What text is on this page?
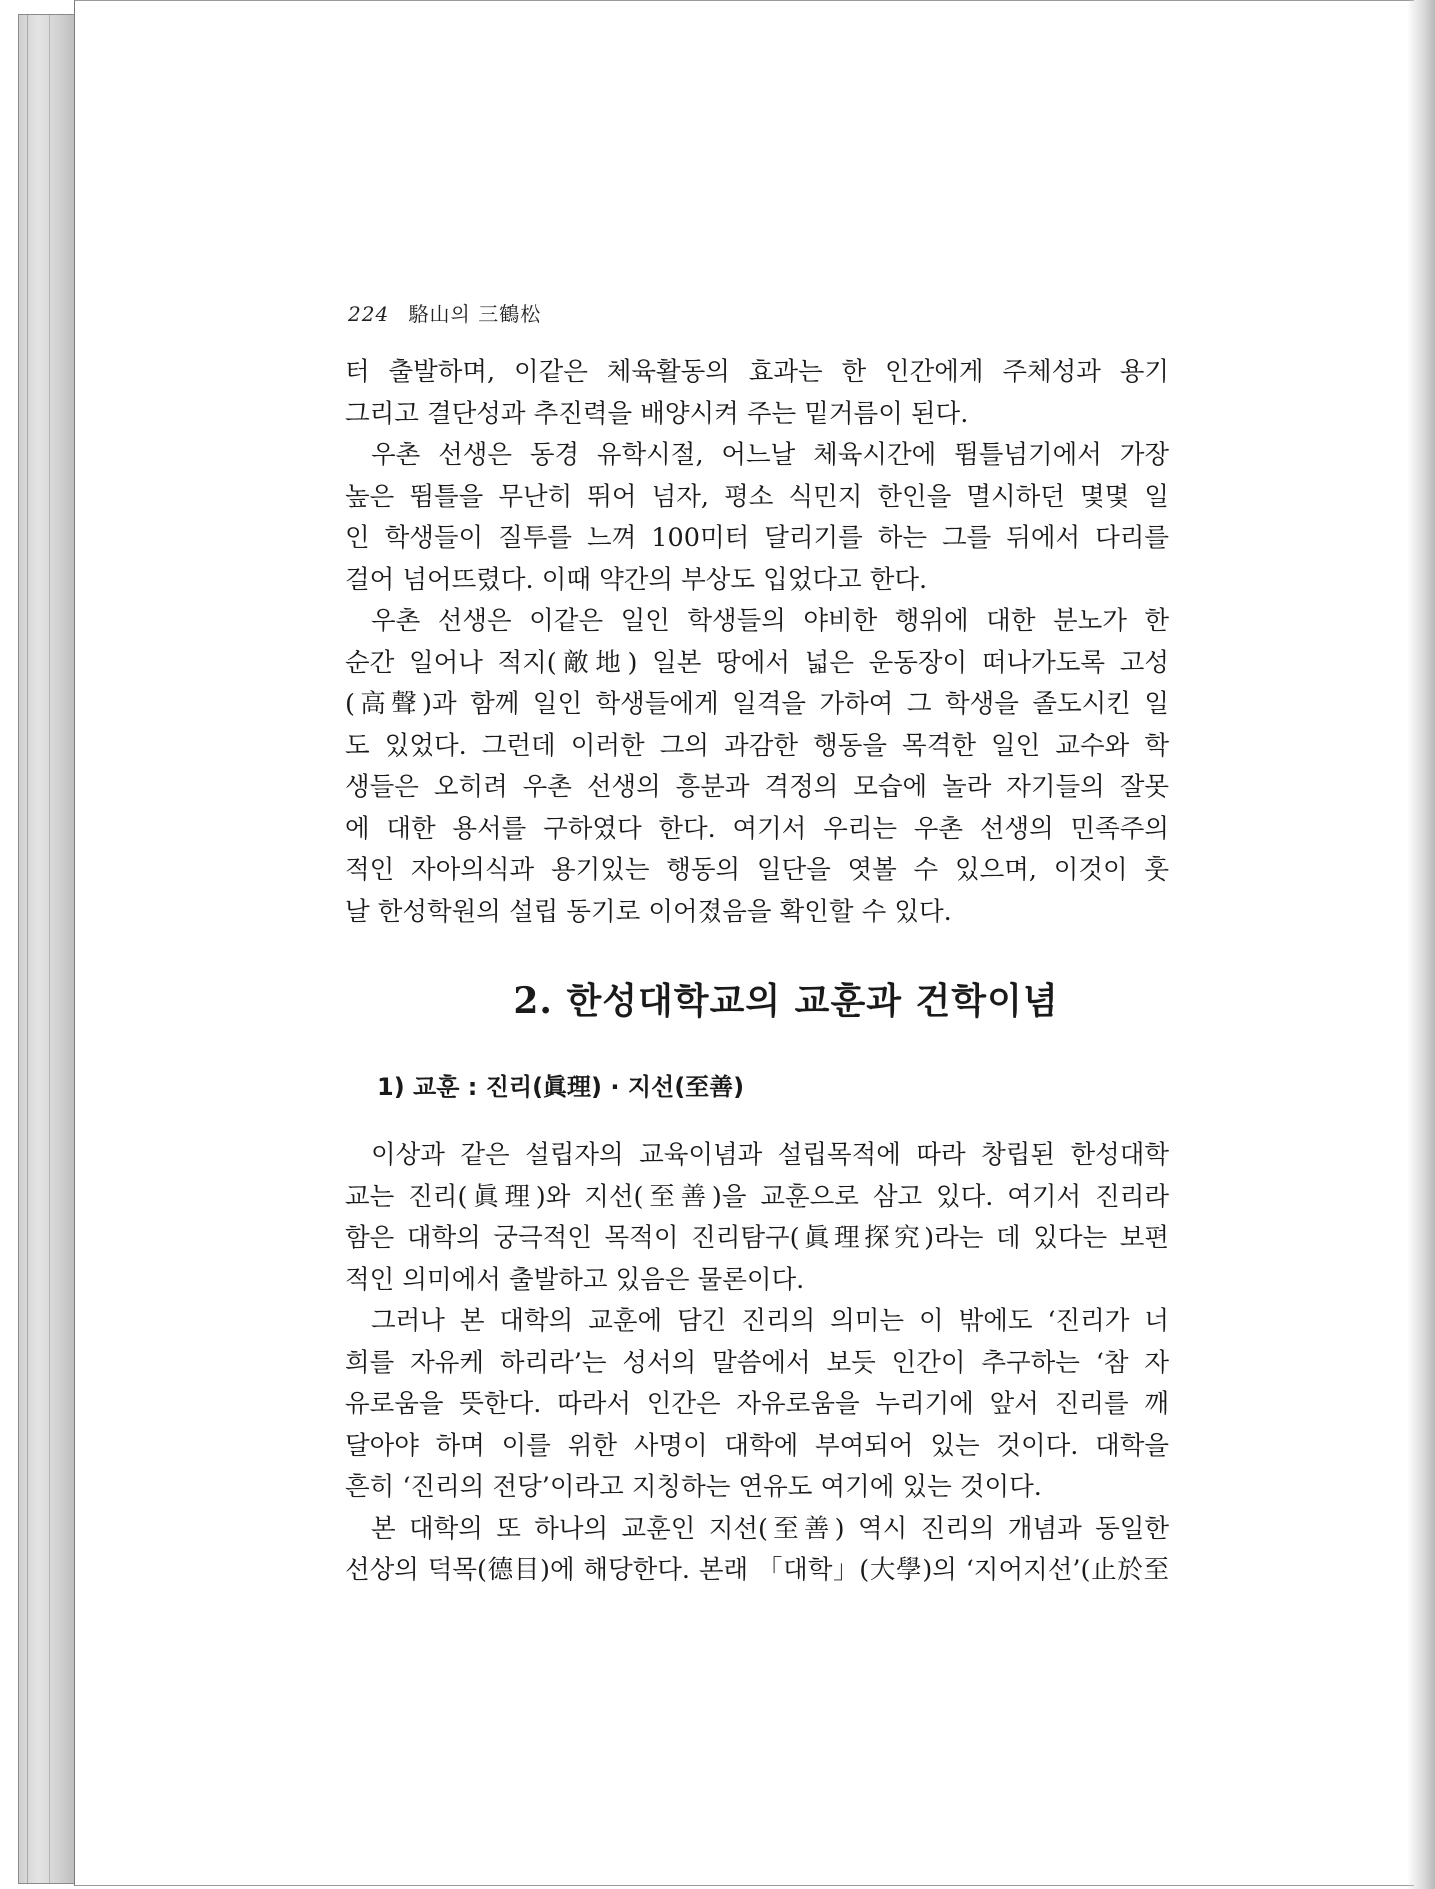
224 駱山의 三鶴松

터 출발하며, 이같은 체육활동의 효과는 한 인간에게 주체성과 용기
그리고 결단성과 추진력을 배양시켜 주는 밑거름이 된다.

우촌 선생은 동경 유학시절, 어느날 체육시간에 뜀틀넘기에서 가장
높은 뜀틀을 무난히 뛰어 넘자, 평소 식민지 한인을 멸시하던 몇몇 일
인 학생들이 질투를 느껴 100미터 달리기를 하는 그를 뒤에서 다리를
걸어 넘어뜨렸다. 이때 약간의 부상도 입었다고 한다.

우촌 선생은 이같은 일인 학생들의 야비한 행위에 대한 분노가 한
순간 일어나 적지(敵地) 일본 땅에서 넓은 운동장이 떠나가도록 고성
(高聲)과 함께 일인 학생들에게 일격을 가하여 그 학생을 졸도시킨 일
도 있었다. 그런데 이러한 그의 과감한 행동을 목격한 일인 교수와 학
생들은 오히려 우촌 선생의 흥분과 격정의 모습에 놀라 자기들의 잘못
에 대한 용서를 구하였다 한다. 여기서 우리는 우촌 선생의 민족주의
적인 자아의식과 용기있는 행동의 일단을 엿볼 수 있으며, 이것이 훗
날 한성학원의 설립 동기로 이어졌음을 확인할 수 있다.

2. 한성대학교의 교훈과 건학이념
1) 교훈 : 진리(眞理) · 지선(至善)

이상과 같은 설립자의 교육이념과 설립목적에 따라 창립된 한성대학
교는 진리(眞理)와 지선(至善)을 교훈으로 삼고 있다. 여기서 진리라
함은 대학의 궁극적인 목적이 진리탐구(眞理探究)라는 데 있다는 보편
적인 의미에서 출발하고 있음은 물론이다.

그러나 본 대학의 교훈에 담긴 진리의 의미는 이 밖에도 ‘진리가 너
희를 자유케 하리라’는 성서의 말씀에서 보듯 인간이 추구하는 ‘참 자
유로움을 뜻한다. 따라서 인간은 자유로움을 누리기에 앞서 진리를 깨
달아야 하며 이를 위한 사명이 대학에 부여되어 있는 것이다. 대학을
흔히 ‘진리의 전당’이라고 지칭하는 연유도 여기에 있는 것이다.

본 대학의 또 하나의 교훈인 지선(至善) 역시 진리의 개념과 동일한
선상의 덕목(德目)에 해당한다. 본래 「대학」(大學)의 ‘지어지선’(止於至
